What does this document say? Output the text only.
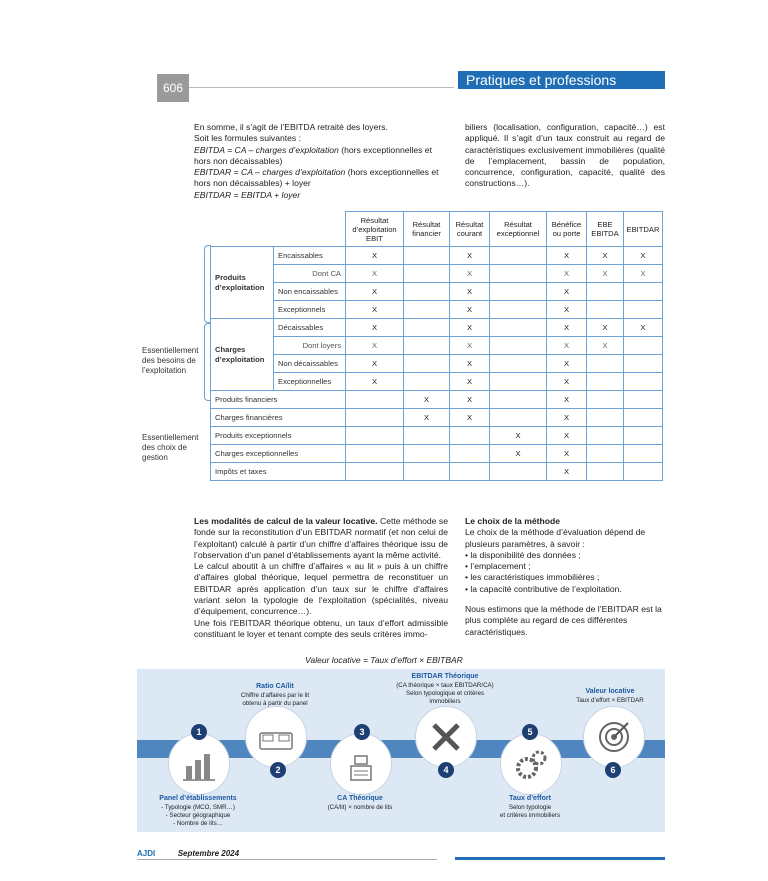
606	Pratiques et professions

En somme, il s’agit de l’EBITDA retraité des loyers.

Soit les formules suivantes :

EBITDA = CA – charges d’exploitation (hors exceptionnelles et hors non décaissables)

EBITDAR = CA – charges d’exploitation (hors exceptionnelles et hors non décaissables) + loyer

EBITDAR = EBITDA + loyer

biliers (localisation, configuration, capacité…) est appliqué. Il s’agit d’un taux construit au regard de caractéristiques exclusivement immobilières (qualité de l’emplacement, bassin de population, concurrence, configuration, capacité, qualité des constructions…).
Essentiellement des besoins de l’exploitation
Essentiellement des choix de gestion
		Résultat d’exploitation EBIT	Résultat financier	Résultat courant	Résultat exceptionnel	Bénéfice ou porte	EBE EBITDA	EBITDAR
Produits d’exploitation	Encaissables	X		X		X	X	X
	Dont CA	X		X		X	X	X
	Non encaissables	X		X		X		
	Exceptionnels	X		X		X		
Charges d’exploitation	Décaissables	X		X		X	X	X
	Dont loyers	X		X		X	X	
	Non décaissables	X		X		X		
	Exceptionnelles	X		X		X		
Produits financiers			X	X		X		
Charges financières			X	X		X		
Produits exceptionnels					X	X		
Charges exceptionnelles					X	X		
Impôts et taxes						X		

Les modalités de calcul de la valeur locative. Cette méthode se fonde sur la reconstitution d’un EBITDAR normatif (et non celui de l’exploitant) calculé à partir d’un chiffre d’affaires théorique issu de l’observation d’un panel d’établissements ayant la même activité.

Le calcul aboutit à un chiffre d’affaires « au lit » puis à un chiffre d’affaires global théorique, lequel permettra de reconstituer un EBITDAR après application d’un taux sur le chiffre d’affaires variant selon la typologie de l’exploitation (spécialités, niveau d’équipement, concurrence…).

Une fois l’EBITDAR théorique obtenu, un taux d’effort admissible constituant le loyer et tenant compte des seuls critères immo-

Le choix de la méthode

Le choix de la méthode d’évaluation dépend de plusieurs paramètres, à savoir :

• la disponibilité des données ;

• l’emplacement ;

• les caractéristiques immobilières ;

• la capacité contributive de l’exploitation.

Nous estimons que la méthode de l’EBITDAR est la plus complète au regard de ces différentes caractéristiques.

Valeur locative = Taux d’effort × EBITBAR
1
Panel d’établissements
- Typologie (MCO, SMR…)
- Secteur géographique
- Nombre de lits…
2
Ratio CA/lit
Chiffre d’affaires par le lit
obtenu à partir du panel
3
CA Théorique
(CA/lit) × nombre de lits
4
EBITDAR Théorique
(CA théorique × taux EBITDAR/CA)
Selon typologique et critères
immobiliers
5
Taux d’effort
Selon typologie
et critères immobiliers
6
Valeur locative
Taux d’effort × EBITDAR
AJDI	Septembre 2024
